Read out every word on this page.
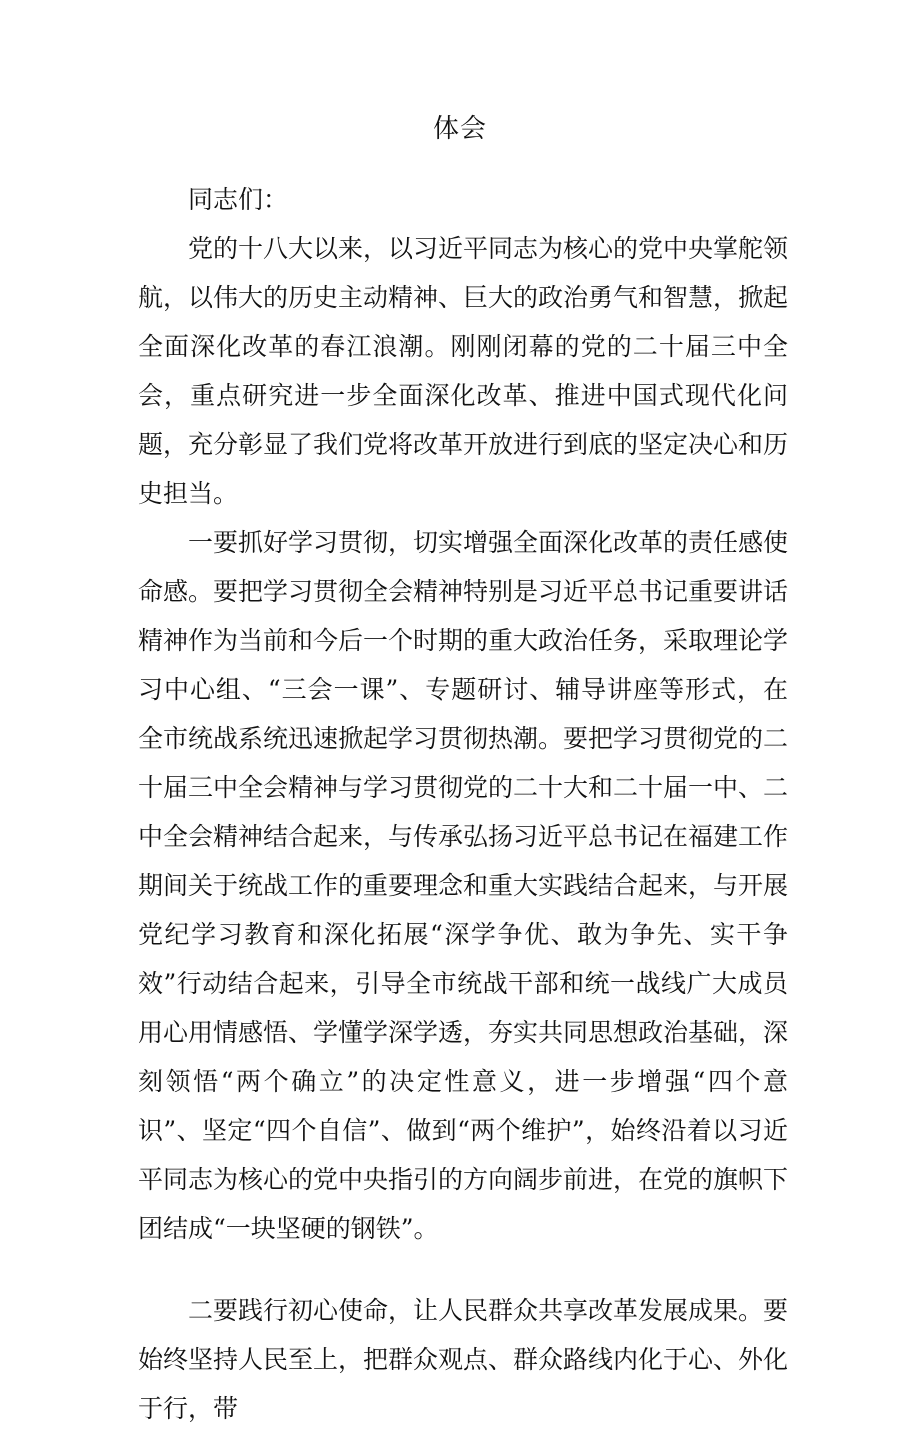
体会

同志们：

党的十八大以来，以习近平同志为核心的党中央掌舵领航，以伟大的历史主动精神、巨大的政治勇气和智慧，掀起全面深化改革的春江浪潮。刚刚闭幕的党的二十届三中全会，重点研究进一步全面深化改革、推进中国式现代化问题，充分彰显了我们党将改革开放进行到底的坚定决心和历史担当。

一要抓好学习贯彻，切实增强全面深化改革的责任感使命感。要把学习贯彻全会精神特别是习近平总书记重要讲话精神作为当前和今后一个时期的重大政治任务，采取理论学习中心组、“三会一课”、专题研讨、辅导讲座等形式，在全市统战系统迅速掀起学习贯彻热潮。要把学习贯彻党的二十届三中全会精神与学习贯彻党的二十大和二十届一中、二中全会精神结合起来，与传承弘扬习近平总书记在福建工作期间关于统战工作的重要理念和重大实践结合起来，与开展党纪学习教育和深化拓展“深学争优、敢为争先、实干争效”行动结合起来，引导全市统战干部和统一战线广大成员用心用情感悟、学懂学深学透，夯实共同思想政治基础，深刻领悟“两个确立”的决定性意义，进一步增强“四个意识”、坚定“四个自信”、做到“两个维护”，始终沿着以习近平同志为核心的党中央指引的方向阔步前进，在党的旗帜下团结成“一块坚硬的钢铁”。

二要践行初心使命，让人民群众共享改革发展成果。要始终坚持人民至上，把群众观点、群众路线内化于心、外化于行，带
